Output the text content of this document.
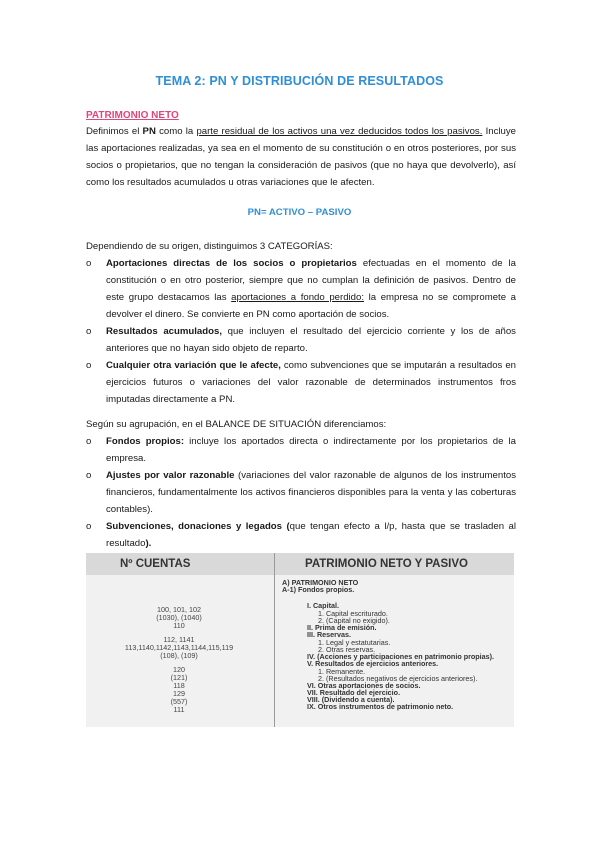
TEMA 2: PN Y DISTRIBUCIÓN DE RESULTADOS
PATRIMONIO NETO
Definimos el PN como la parte residual de los activos una vez deducidos todos los pasivos. Incluye las aportaciones realizadas, ya sea en el momento de su constitución o en otros posteriores, por sus socios o propietarios, que no tengan la consideración de pasivos (que no haya que devolverlo), así como los resultados acumulados u otras variaciones que le afecten.
PN= ACTIVO – PASIVO
Dependiendo de su origen, distinguimos 3 CATEGORÍAS:
o Aportaciones directas de los socios o propietarios efectuadas en el momento de la constitución o en otro posterior, siempre que no cumplan la definición de pasivos. Dentro de este grupo destacamos las aportaciones a fondo perdido: la empresa no se compromete a devolver el dinero. Se convierte en PN como aportación de socios.
o Resultados acumulados, que incluyen el resultado del ejercicio corriente y los de años anteriores que no hayan sido objeto de reparto.
o Cualquier otra variación que le afecte, como subvenciones que se imputarán a resultados en ejercicios futuros o variaciones del valor razonable de determinados instrumentos fros imputadas directamente a PN.
Según su agrupación, en el BALANCE DE SITUACIÓN diferenciamos:
o Fondos propios: incluye los aportados directa o indirectamente por los propietarios de la empresa.
o Ajustes por valor razonable (variaciones del valor razonable de algunos de los instrumentos financieros, fundamentalmente los activos financieros disponibles para la venta y las coberturas contables).
o Subvenciones, donaciones y legados (que tengan efecto a l/p, hasta que se trasladen al resultado).
Nº CUENTAS	PATRIMONIO NETO Y PASIVO
100, 101, 102
(1030), (1040)
110
112, 1141
113,1140,1142,1143,1144,115,119
(108), (109)
120
(121)
118
129
(557)
111
A) PATRIMONIO NETO
A-1) Fondos propios.
I. Capital.
1. Capital escriturado.
2. (Capital no exigido).
II. Prima de emisión.
III. Reservas.
1. Legal y estatutarias.
2. Otras reservas.
IV. (Acciones y participaciones en patrimonio propias).
V. Resultados de ejercicios anteriores.
1. Remanente.
2. (Resultados negativos de ejercicios anteriores).
VI. Otras aportaciones de socios.
VII. Resultado del ejercicio.
VIII. (Dividendo a cuenta).
IX. Otros instrumentos de patrimonio neto.
